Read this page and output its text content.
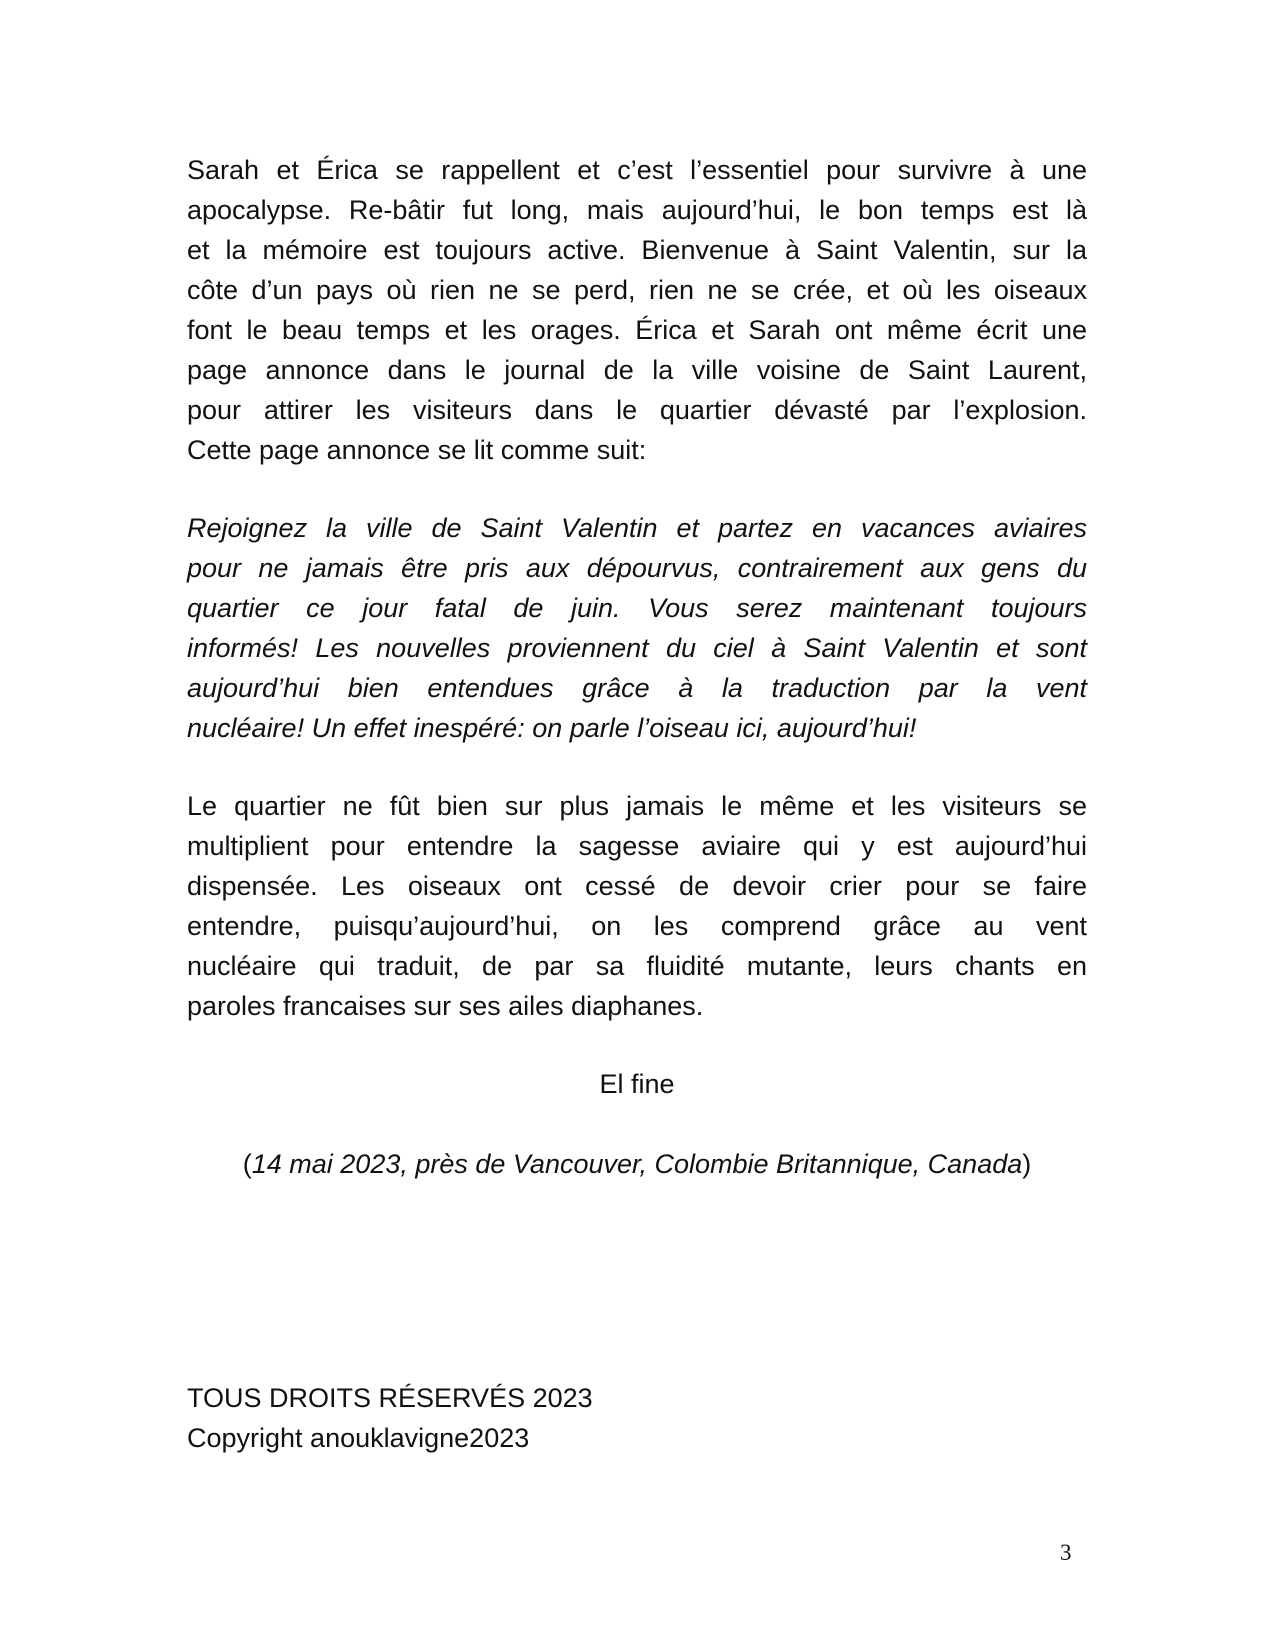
Sarah et Érica se rappellent et c’est l’essentiel pour survivre à une
apocalypse. Re-bâtir fut long, mais aujourd’hui, le bon temps est là
et la mémoire est toujours active. Bienvenue à Saint Valentin, sur la
côte d’un pays où rien ne se perd, rien ne se crée, et où les oiseaux
font le beau temps et les orages. Érica et Sarah ont même écrit une
page annonce dans le journal de la ville voisine de Saint Laurent,
pour attirer les visiteurs dans le quartier dévasté par l’explosion.
Cette page annonce se lit comme suit:

Rejoignez la ville de Saint Valentin et partez en vacances aviaires
pour ne jamais être pris aux dépourvus, contrairement aux gens du
quartier ce jour fatal de juin. Vous serez maintenant toujours
informés! Les nouvelles proviennent du ciel à Saint Valentin et sont
aujourd’hui bien entendues grâce à la traduction par la vent
nucléaire! Un effet inespéré: on parle l’oiseau ici, aujourd’hui!

Le quartier ne fût bien sur plus jamais le même et les visiteurs se
multiplient pour entendre la sagesse aviaire qui y est aujourd’hui
dispensée. Les oiseaux ont cessé de devoir crier pour se faire
entendre, puisqu’aujourd’hui, on les comprend grâce au vent
nucléaire qui traduit, de par sa fluidité mutante, leurs chants en
paroles francaises sur ses ailes diaphanes.

El fine

(14 mai 2023, près de Vancouver, Colombie Britannique, Canada)

TOUS DROITS RÉSERVÉS 2023

Copyright anouklavigne2023

3
